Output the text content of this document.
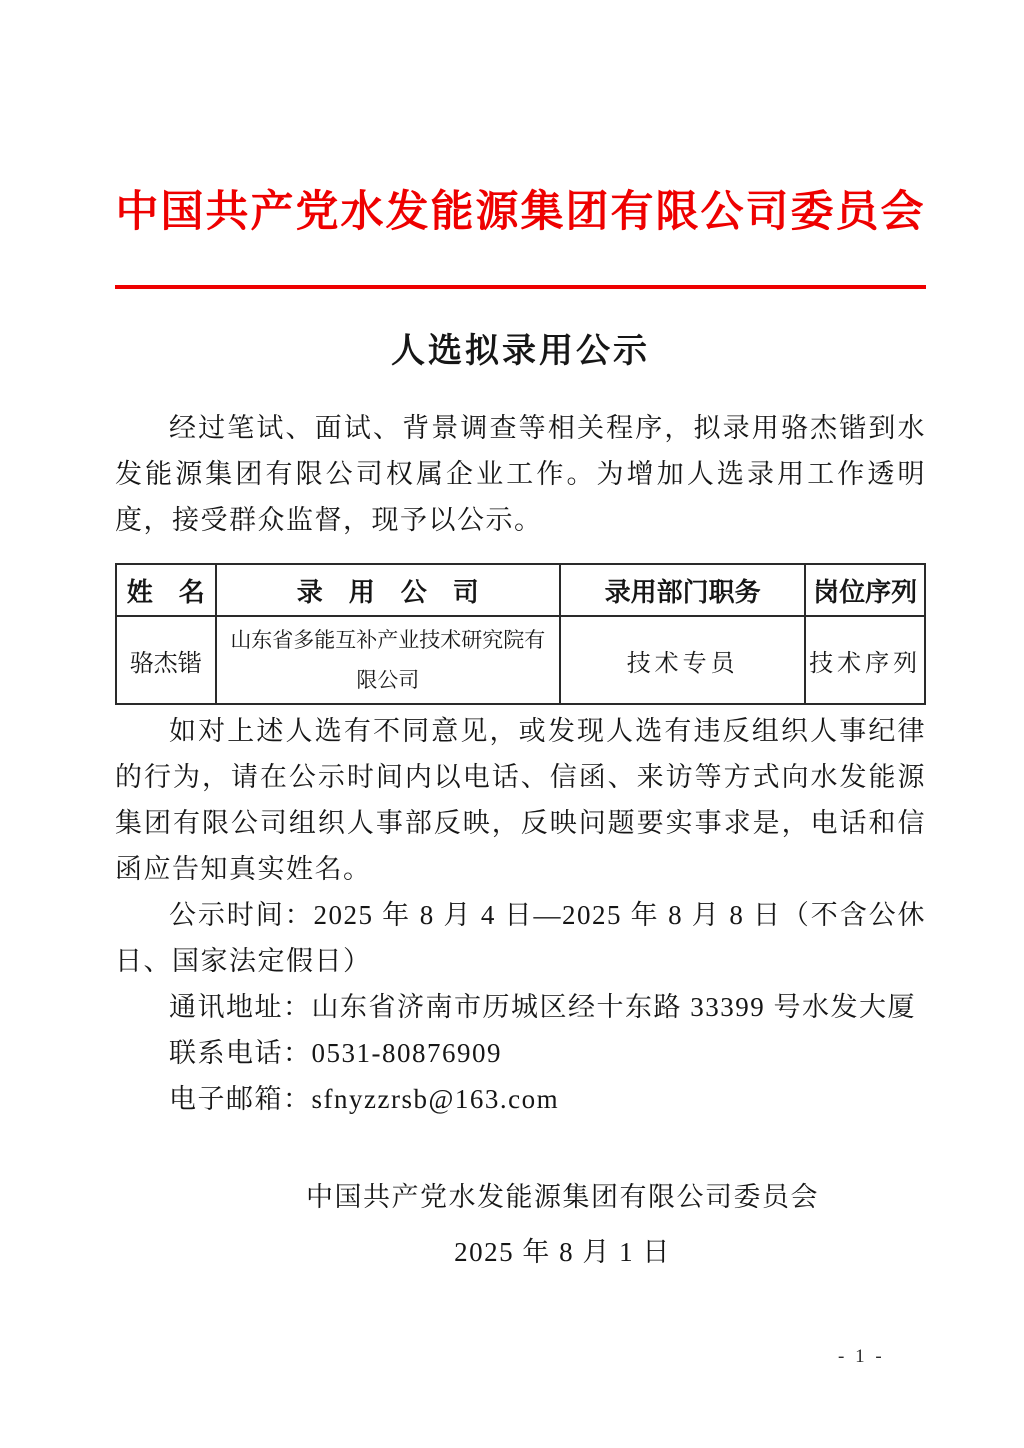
中国共产党水发能源集团有限公司委员会
人选拟录用公示
经过笔试、面试、背景调查等相关程序，拟录用骆杰锴到水发能源集团有限公司权属企业工作。为增加人选录用工作透明度，接受群众监督，现予以公示。
姓　名	录　用　公　司	录用部门职务	岗位序列
骆杰锴	山东省多能互补产业技术研究院有限公司	技术专员	技术序列
如对上述人选有不同意见，或发现人选有违反组织人事纪律的行为，请在公示时间内以电话、信函、来访等方式向水发能源集团有限公司组织人事部反映，反映问题要实事求是，电话和信函应告知真实姓名。
公示时间：2025 年 8 月 4 日—2025 年 8 月 8 日（不含公休日、国家法定假日）
通讯地址：山东省济南市历城区经十东路 33399 号水发大厦
联系电话：0531-80876909
电子邮箱：sfnyzzrsb@163.com
中国共产党水发能源集团有限公司委员会
2025 年 8 月 1 日
- 1 -
